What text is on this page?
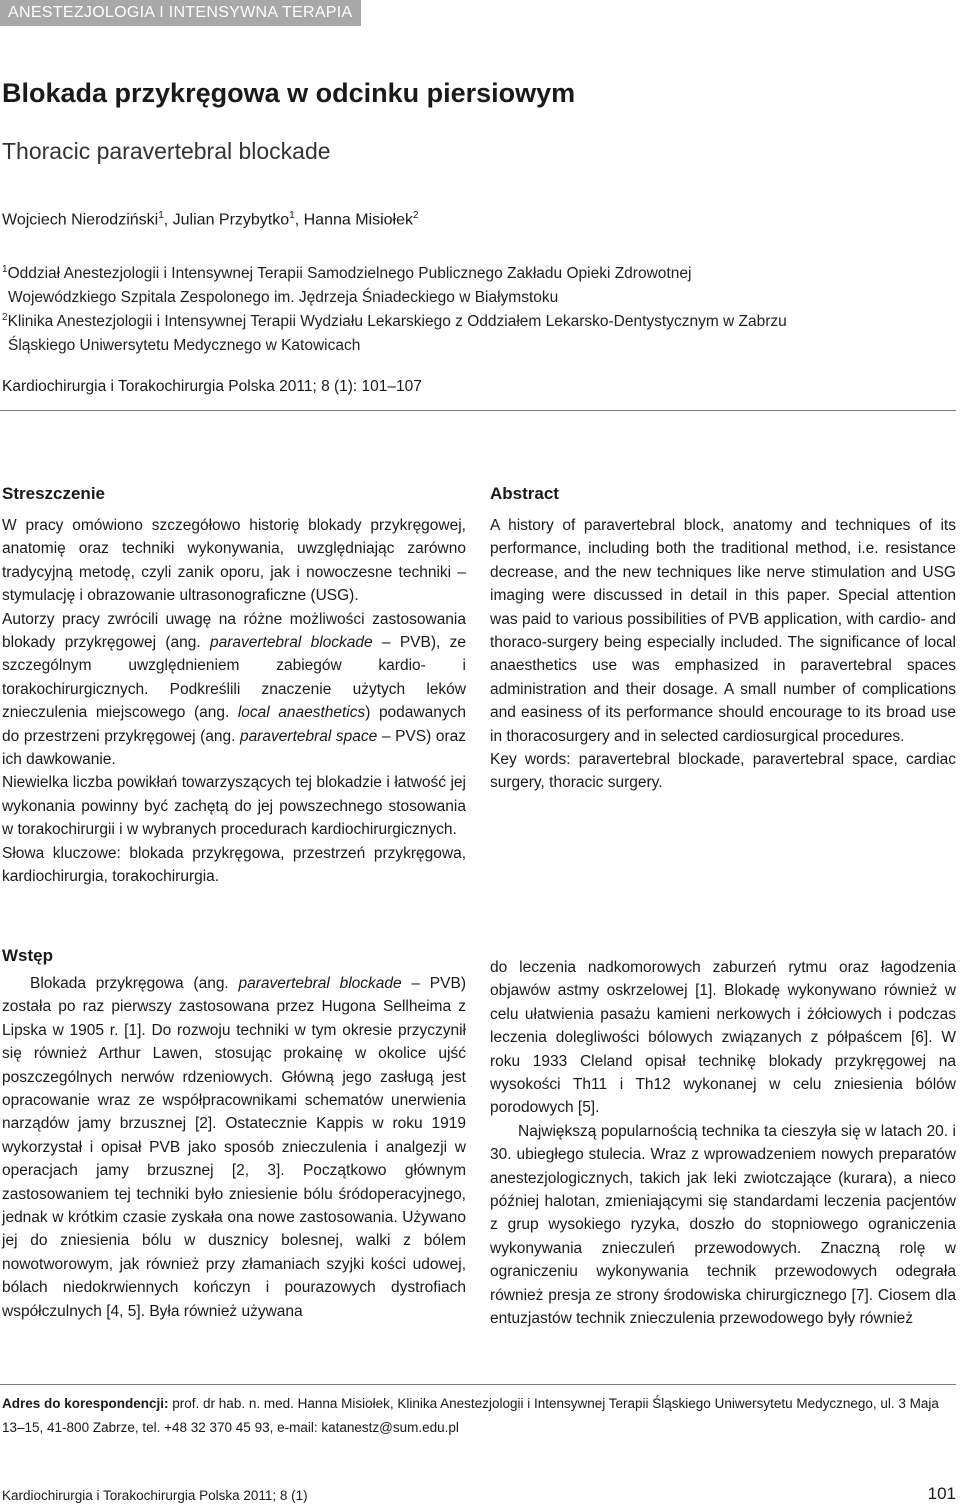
ANESTEZJOLOGIA I INTENSYWNA TERAPIA
Blokada przykręgowa w odcinku piersiowym
Thoracic paravertebral blockade
Wojciech Nierodziński$^1$, Julian Przybytko$^1$, Hanna Misiołek$^2$
$^1$Oddział Anestezjologii i Intensywnej Terapii Samodzielnego Publicznego Zakładu Opieki Zdrowotnej
Wojewódzkiego Szpitala Zespolonego im. Jędrzeja Śniadeckiego w Białymstoku
$^2$Klinika Anestezjologii i Intensywnej Terapii Wydziału Lekarskiego z Oddziałem Lekarsko-Dentystycznym w Zabrzu
Śląskiego Uniwersytetu Medycznego w Katowicach
Kardiochirurgia i Torakochirurgia Polska 2011; 8 (1): 101–107
Streszczenie

W pracy omówiono szczegółowo historię blokady przykręgowej, anatomię oraz techniki wykonywania, uwzględniając zarówno tradycyjną metodę, czyli zanik oporu, jak i nowoczesne techniki – stymulację i obrazowanie ultrasonograficzne (USG).

Autorzy pracy zwrócili uwagę na różne możliwości zastosowania blokady przykręgowej (ang. paravertebral blockade – PVB), ze szczególnym uwzględnieniem zabiegów kardio- i torakochirurgicznych. Podkreślili znaczenie użytych leków znieczulenia miejscowego (ang. local anaesthetics) podawanych do przestrzeni przykręgowej (ang. paravertebral space – PVS) oraz ich dawkowanie.

Niewielka liczba powikłań towarzyszących tej blokadzie i łatwość jej wykonania powinny być zachętą do jej powszechnego stosowania w torakochirurgii i w wybranych procedurach kardiochirurgicznych.

Słowa kluczowe: blokada przykręgowa, przestrzeń przykręgowa, kardiochirurgia, torakochirurgia.

Abstract

A history of paravertebral block, anatomy and techniques of its performance, including both the traditional method, i.e. resistance decrease, and the new techniques like nerve stimulation and USG imaging were discussed in detail in this paper. Special attention was paid to various possibilities of PVB application, with cardio- and thoraco-surgery being especially included. The significance of local anaesthetics use was emphasized in paravertebral spaces administration and their dosage. A small number of complications and easiness of its performance should encourage to its broad use in thoracosurgery and in selected cardiosurgical procedures.

Key words: paravertebral blockade, paravertebral space, cardiac surgery, thoracic surgery.

Wstęp

Blokada przykręgowa (ang. paravertebral blockade – PVB) została po raz pierwszy zastosowana przez Hugona Sellheima z Lipska w 1905 r. [1]. Do rozwoju techniki w tym okresie przyczynił się również Arthur Lawen, stosując prokainę w okolice ujść poszczególnych nerwów rdzeniowych. Główną jego zasługą jest opracowanie wraz ze współpracownikami schematów unerwienia narządów jamy brzusznej [2]. Ostatecznie Kappis w roku 1919 wykorzystał i opisał PVB jako sposób znieczulenia i analgezji w operacjach jamy brzusznej [2, 3]. Początkowo głównym zastosowaniem tej techniki było zniesienie bólu śródoperacyjnego, jednak w krótkim czasie zyskała ona nowe zastosowania. Używano jej do zniesienia bólu w dusznicy bolesnej, walki z bólem nowotworowym, jak również przy złamaniach szyjki kości udowej, bólach niedokrwiennych kończyn i pourazowych dystrofiach współczulnych [4, 5]. Była również używana

do leczenia nadkomorowych zaburzeń rytmu oraz łagodzenia objawów astmy oskrzelowej [1]. Blokadę wykonywano również w celu ułatwienia pasażu kamieni nerkowych i żółciowych i podczas leczenia dolegliwości bólowych związanych z półpaścem [6]. W roku 1933 Cleland opisał technikę blokady przykręgowej na wysokości Th11 i Th12 wykonanej w celu zniesienia bólów porodowych [5].

Największą popularnością technika ta cieszyła się w latach 20. i 30. ubiegłego stulecia. Wraz z wprowadzeniem nowych preparatów anestezjologicznych, takich jak leki zwiotczające (kurara), a nieco później halotan, zmieniającymi się standardami leczenia pacjentów z grup wysokiego ryzyka, doszło do stopniowego ograniczenia wykonywania znieczuleń przewodowych. Znaczną rolę w ograniczeniu wykonywania technik przewodowych odegrała również presja ze strony środowiska chirurgicznego [7]. Ciosem dla entuzjastów technik znieczulenia przewodowego były również

Adres do korespondencji: prof. dr hab. n. med. Hanna Misiołek, Klinika Anestezjologii i Intensywnej Terapii Śląskiego Uniwersytetu Medycznego, ul. 3 Maja 13–15, 41-800 Zabrze, tel. +48 32 370 45 93, e-mail: katanestz@sum.edu.pl
Kardiochirurgia i Torakochirurgia Polska 2011; 8 (1)	101
